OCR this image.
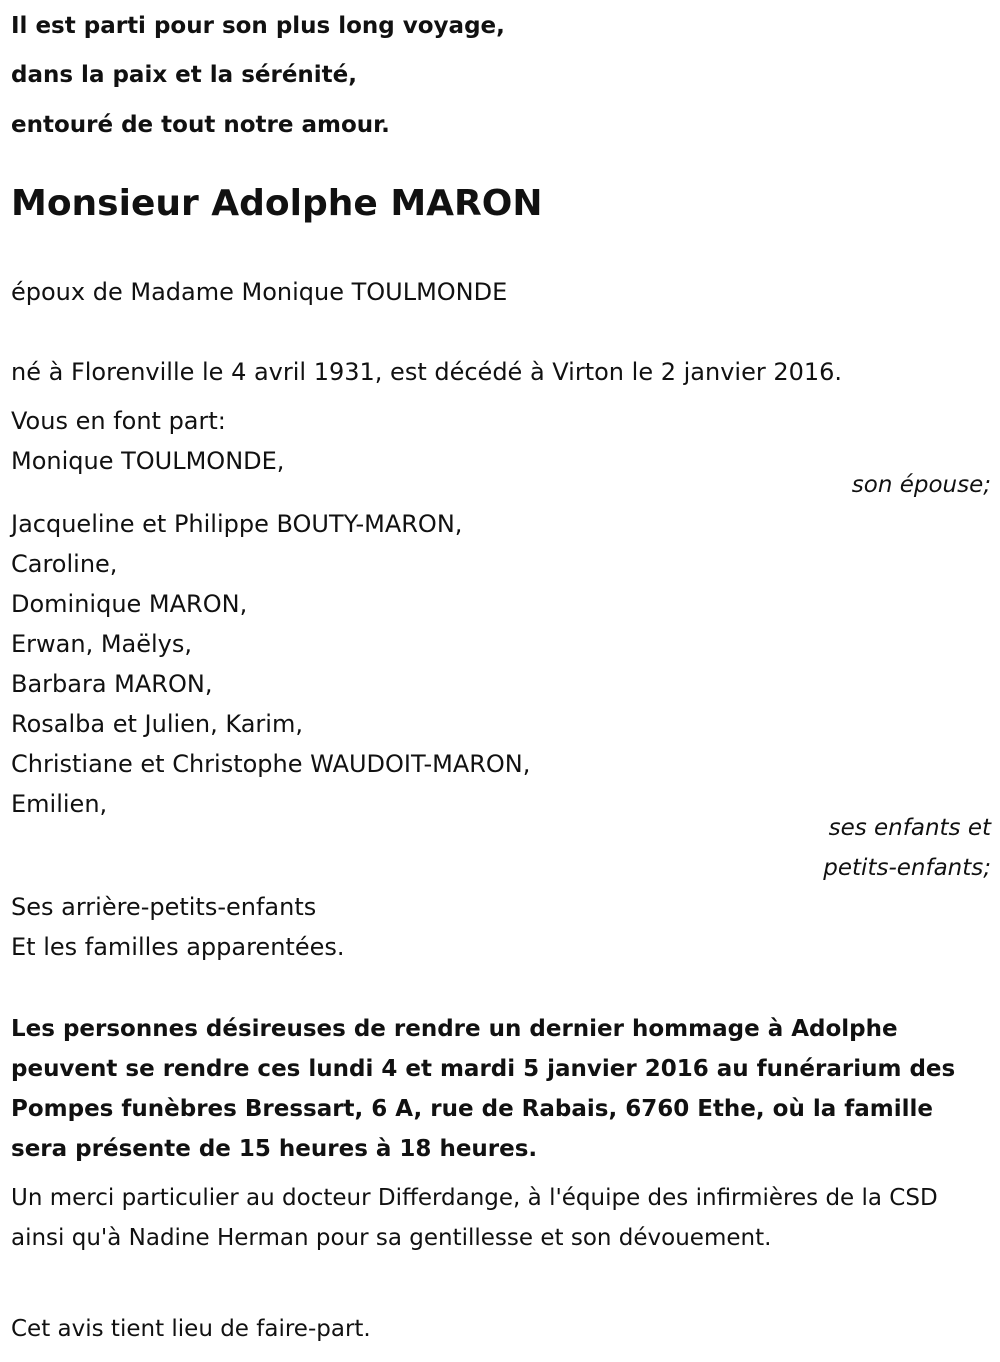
Il est parti pour son plus long voyage,
dans la paix et la sérénité,
entouré de tout notre amour.
Monsieur Adolphe MARON
époux de Madame Monique TOULMONDE
né à Florenville le 4 avril 1931, est décédé à Virton le 2 janvier 2016.
Vous en font part:
Monique TOULMONDE,
son épouse;
Jacqueline et Philippe BOUTY-MARON,
Caroline,
Dominique MARON,
Erwan, Maëlys,
Barbara MARON,
Rosalba et Julien, Karim,
Christiane et Christophe WAUDOIT-MARON,
Emilien,
ses enfants et
petits-enfants;
Ses arrière-petits-enfants
Et les familles apparentées.
Les personnes désireuses de rendre un dernier hommage à Adolphe peuvent se rendre ces lundi 4 et mardi 5 janvier 2016 au funérarium des Pompes funèbres Bressart, 6 A, rue de Rabais, 6760 Ethe, où la famille sera présente de 15 heures à 18 heures.
Un merci particulier au docteur Differdange, à l'équipe des infirmières de la CSD ainsi qu'à Nadine Herman pour sa gentillesse et son dévouement.
Cet avis tient lieu de faire-part.
